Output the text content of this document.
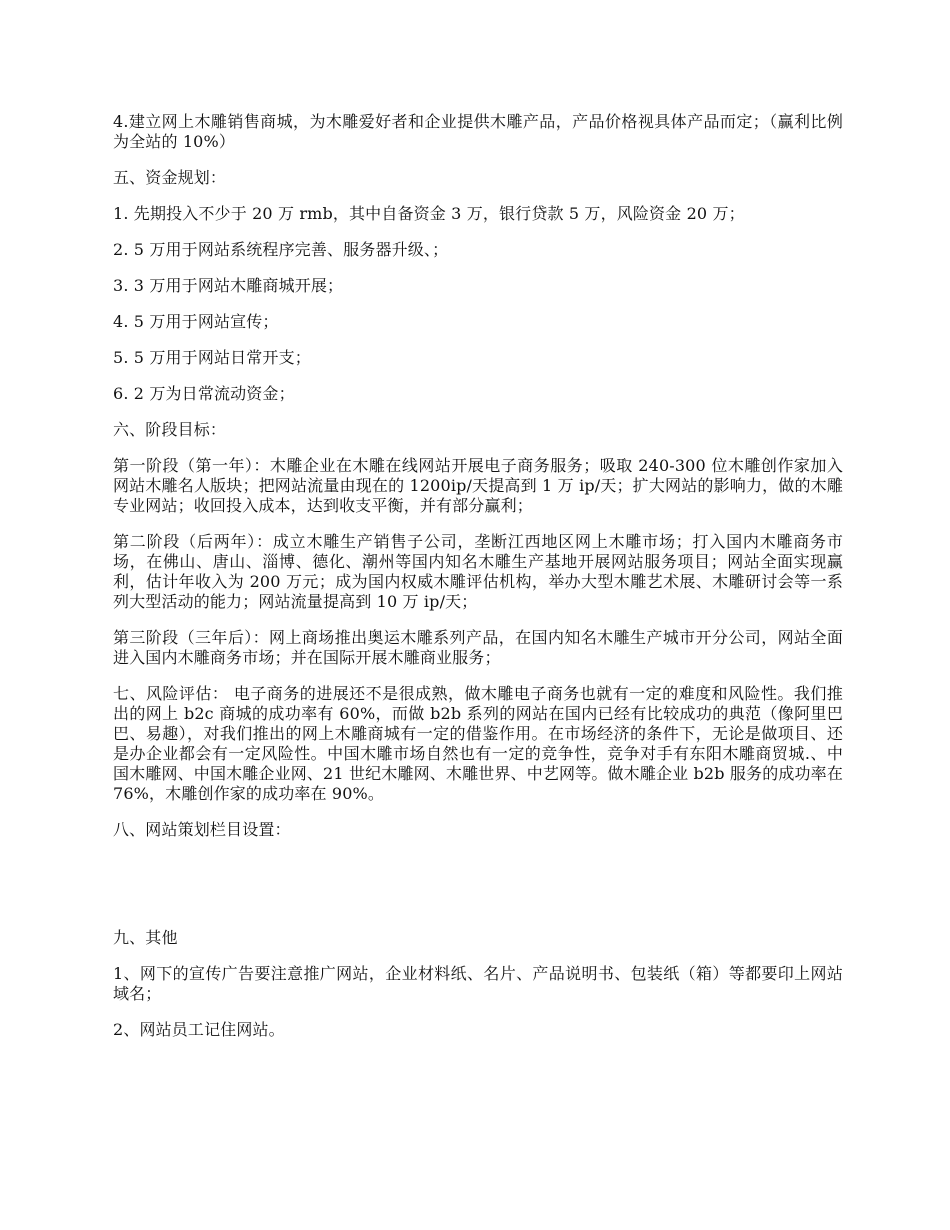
4.建立网上木雕销售商城，为木雕爱好者和企业提供木雕产品，产品价格视具体产品而定；（赢利比例为全站的 10%）

五、资金规划：

1. 先期投入不少于 20 万 rmb，其中自备资金 3 万，银行贷款 5 万，风险资金 20 万；

2. 5 万用于网站系统程序完善、服务器升级、；

3. 3 万用于网站木雕商城开展；

4. 5 万用于网站宣传；

5. 5 万用于网站日常开支；

6. 2 万为日常流动资金；

六、阶段目标：

第一阶段（第一年）：木雕企业在木雕在线网站开展电子商务服务；吸取 240-300 位木雕创作家加入网站木雕名人版块；把网站流量由现在的 1200ip/天提高到 1 万 ip/天；扩大网站的影响力，做的木雕专业网站；收回投入成本，达到收支平衡，并有部分赢利；

第二阶段（后两年）：成立木雕生产销售子公司，垄断江西地区网上木雕市场；打入国内木雕商务市场，在佛山、唐山、淄博、德化、潮州等国内知名木雕生产基地开展网站服务项目；网站全面实现赢利，估计年收入为 200 万元；成为国内权威木雕评估机构，举办大型木雕艺术展、木雕研讨会等一系列大型活动的能力；网站流量提高到 10 万 ip/天；

第三阶段（三年后）：网上商场推出奥运木雕系列产品，在国内知名木雕生产城市开分公司，网站全面进入国内木雕商务市场；并在国际开展木雕商业服务；

七、风险评估： 电子商务的进展还不是很成熟，做木雕电子商务也就有一定的难度和风险性。我们推出的网上 b2c 商城的成功率有 60%，而做 b2b 系列的网站在国内已经有比较成功的典范（像阿里巴巴、易趣），对我们推出的网上木雕商城有一定的借鉴作用。在市场经济的条件下，无论是做项目、还是办企业都会有一定风险性。中国木雕市场自然也有一定的竞争性，竞争对手有东阳木雕商贸城.、中国木雕网、中国木雕企业网、21 世纪木雕网、木雕世界、中艺网等。做木雕企业 b2b 服务的成功率在 76%，木雕创作家的成功率在 90%。

八、网站策划栏目设置：

九、其他

1、网下的宣传广告要注意推广网站，企业材料纸、名片、产品说明书、包装纸（箱）等都要印上网站域名；

2、网站员工记住网站。
